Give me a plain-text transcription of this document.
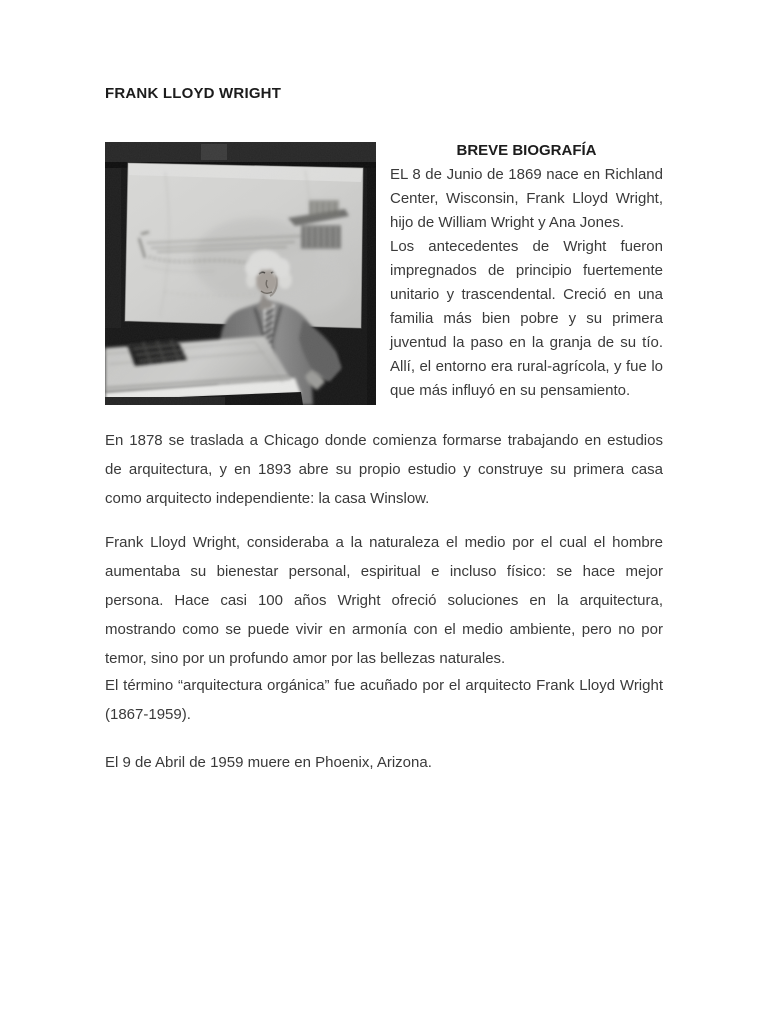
FRANK LLOYD WRIGHT
BREVE BIOGRAFÍA

EL 8 de Junio de 1869 nace en Richland Center, Wisconsin, Frank Lloyd Wright, hijo de William Wright y Ana Jones.

Los antecedentes de Wright fueron impregnados de principio fuertemente unitario y trascendental. Creció en una familia más bien pobre y su primera juventud la paso en la granja de su tío. Allí, el entorno era rural-agrícola, y fue lo que más influyó en su pensamiento.

En 1878 se traslada a Chicago donde comienza formarse trabajando en estudios de arquitectura, y en 1893 abre su propio estudio y construye su primera casa como arquitecto independiente: la casa Winslow.

Frank Lloyd Wright, consideraba a la naturaleza el medio por el cual el hombre aumentaba su bienestar personal, espiritual e incluso físico: se hace mejor persona. Hace casi 100 años Wright ofreció soluciones en la arquitectura, mostrando como se puede vivir en armonía con el medio ambiente, pero no por temor, sino por un profundo amor por las bellezas naturales.

El término “arquitectura orgánica” fue acuñado por el arquitecto Frank Lloyd Wright (1867-1959).

El 9 de Abril de 1959 muere en Phoenix, Arizona.
